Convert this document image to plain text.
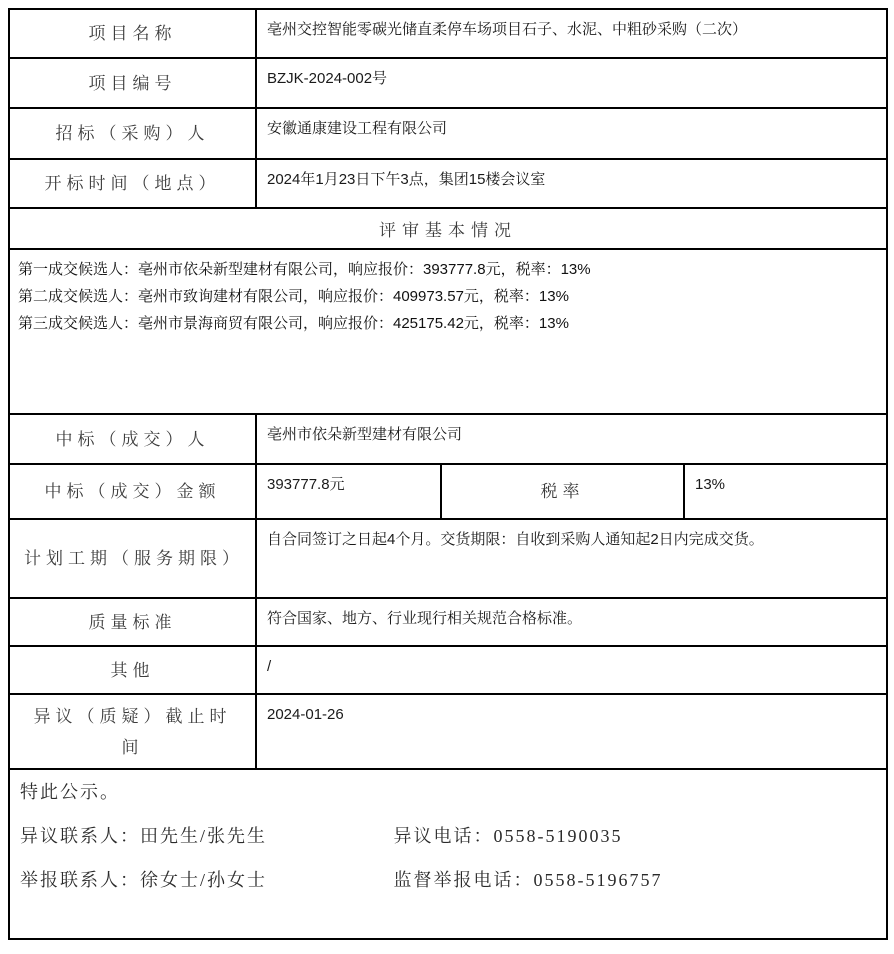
项目名称	亳州交控智能零碳光储直柔停车场项目石子、水泥、中粗砂采购（二次）		
项目编号	BZJK-2024-002号		
招标（采购）人	安徽通康建设工程有限公司		
开标时间（地点）	2024年1月23日下午3点，集团15楼会议室		
评审基本情况			

第一成交候选人：亳州市依朵新型建材有限公司，响应报价：393777.8元，税率：13%
第二成交候选人：亳州市致询建材有限公司，响应报价：409973.57元，税率：13%
第三成交候选人：亳州市景海商贸有限公司，响应报价：425175.42元，税率：13%			

中标（成交）人	亳州市依朵新型建材有限公司		
中标（成交）金额	393777.8元	税率	13%
计划工期（服务期限）	自合同签订之日起4个月。交货期限：自收到采购人通知起2日内完成交货。		
质量标准	符合国家、地方、行业现行相关规范合格标准。		
其他	/		
异议（质疑）截止时间	2024-01-26		

特此公示。
异议联系人：田先生/张先生 异议电话：0558-5190035
举报联系人：徐女士/孙女士 监督举报电话：0558-5196757			
